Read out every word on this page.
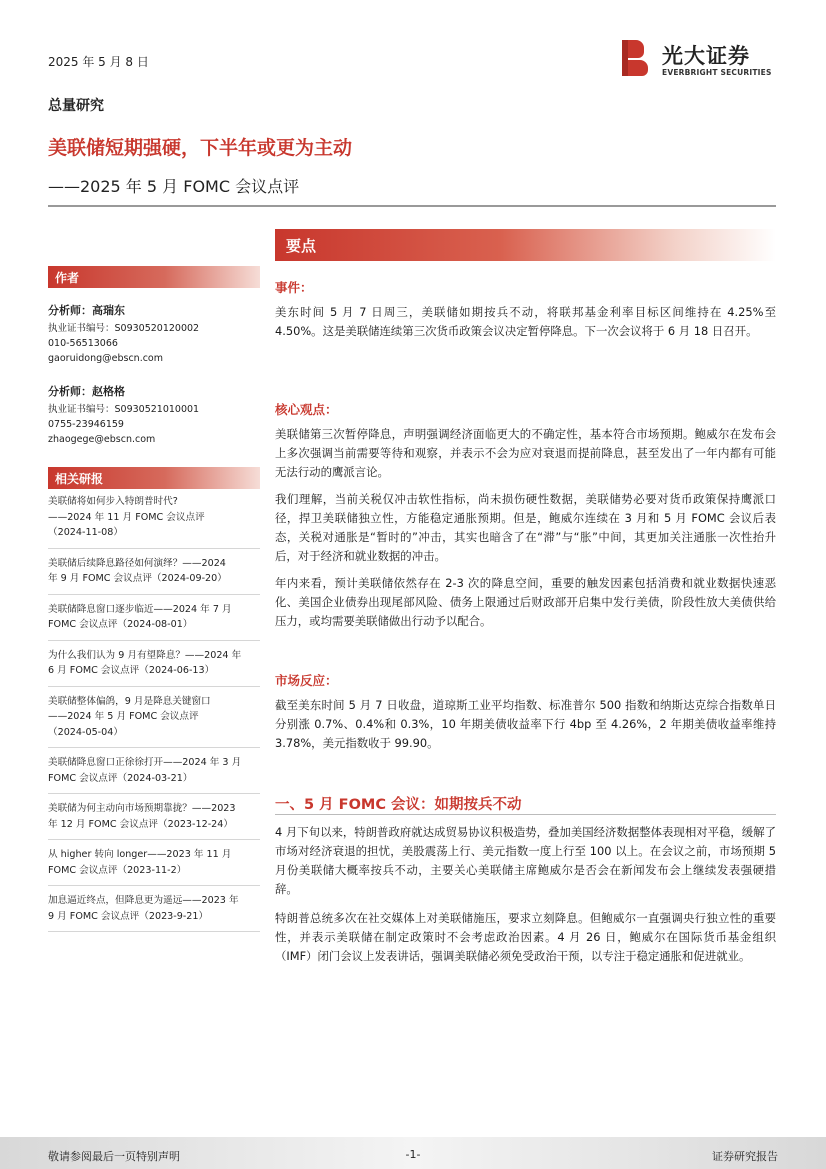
2025 年 5 月 8 日	光大证券
EVERBRIGHT SECURITIES
总量研究
美联储短期强硬，下半年或更为主动
——2025 年 5 月 FOMC 会议点评
作者
分析师：高瑞东
执业证书编号：S0930520120002
010-56513066
gaoruidong@ebscn.com
分析师：赵格格
执业证书编号：S0930521010001
0755-23946159
zhaogege@ebscn.com
相关研报
美联储将如何步入特朗普时代?
——2024 年 11 月 FOMC 会议点评
（2024-11-08）
美联储后续降息路径如何演绎？——2024
年 9 月 FOMC 会议点评（2024-09-20）
美联储降息窗口逐步临近——2024 年 7 月
FOMC 会议点评（2024-08-01）
为什么我们认为 9 月有望降息？——2024 年
6 月 FOMC 会议点评（2024-06-13）
美联储整体偏鸽，9 月是降息关键窗口
——2024 年 5 月 FOMC 会议点评
（2024-05-04）
美联储降息窗口正徐徐打开——2024 年 3 月
FOMC 会议点评（2024-03-21）
美联储为何主动向市场预期靠拢？——2023
年 12 月 FOMC 会议点评（2023-12-24）
从 higher 转向 longer——2023 年 11 月
FOMC 会议点评（2023-11-2）
加息逼近终点，但降息更为遥远——2023 年
9 月 FOMC 会议点评（2023-9-21）
要点
事件：
美东时间 5 月 7 日周三，美联储如期按兵不动，将联邦基金利率目标区间维持在 4.25%至 4.50%。这是美联储连续第三次货币政策会议决定暂停降息。下一次会议将于 6 月 18 日召开。
核心观点：
美联储第三次暂停降息，声明强调经济面临更大的不确定性，基本符合市场预期。鲍威尔在发布会上多次强调当前需要等待和观察，并表示不会为应对衰退而提前降息，甚至发出了一年内都有可能无法行动的鹰派言论。
我们理解，当前关税仅冲击软性指标，尚未损伤硬性数据，美联储势必要对货币政策保持鹰派口径，捍卫美联储独立性，方能稳定通胀预期。但是，鲍威尔连续在 3 月和 5 月 FOMC 会议后表态，关税对通胀是“暂时的”冲击，其实也暗含了在“滞”与“胀”中间，其更加关注通胀一次性抬升后，对于经济和就业数据的冲击。
年内来看，预计美联储依然存在 2-3 次的降息空间，重要的触发因素包括消费和就业数据快速恶化、美国企业债券出现尾部风险、债务上限通过后财政部开启集中发行美债，阶段性放大美债供给压力，或均需要美联储做出行动予以配合。
市场反应：
截至美东时间 5 月 7 日收盘，道琼斯工业平均指数、标准普尔 500 指数和纳斯达克综合指数单日分别涨 0.7%、0.4%和 0.3%，10 年期美债收益率下行 4bp 至 4.26%，2 年期美债收益率维持 3.78%，美元指数收于 99.90。
一、5 月 FOMC 会议：如期按兵不动
4 月下旬以来，特朗普政府就达成贸易协议积极造势，叠加美国经济数据整体表现相对平稳，缓解了市场对经济衰退的担忧，美股震荡上行、美元指数一度上行至 100 以上。在会议之前，市场预期 5 月份美联储大概率按兵不动，主要关心美联储主席鲍威尔是否会在新闻发布会上继续发表强硬措辞。
特朗普总统多次在社交媒体上对美联储施压，要求立刻降息。但鲍威尔一直强调央行独立性的重要性，并表示美联储在制定政策时不会考虑政治因素。4 月 26 日，鲍威尔在国际货币基金组织（IMF）闭门会议上发表讲话，强调美联储必须免受政治干预，以专注于稳定通胀和促进就业。
敬请参阅最后一页特别声明	-1-	证券研究报告
